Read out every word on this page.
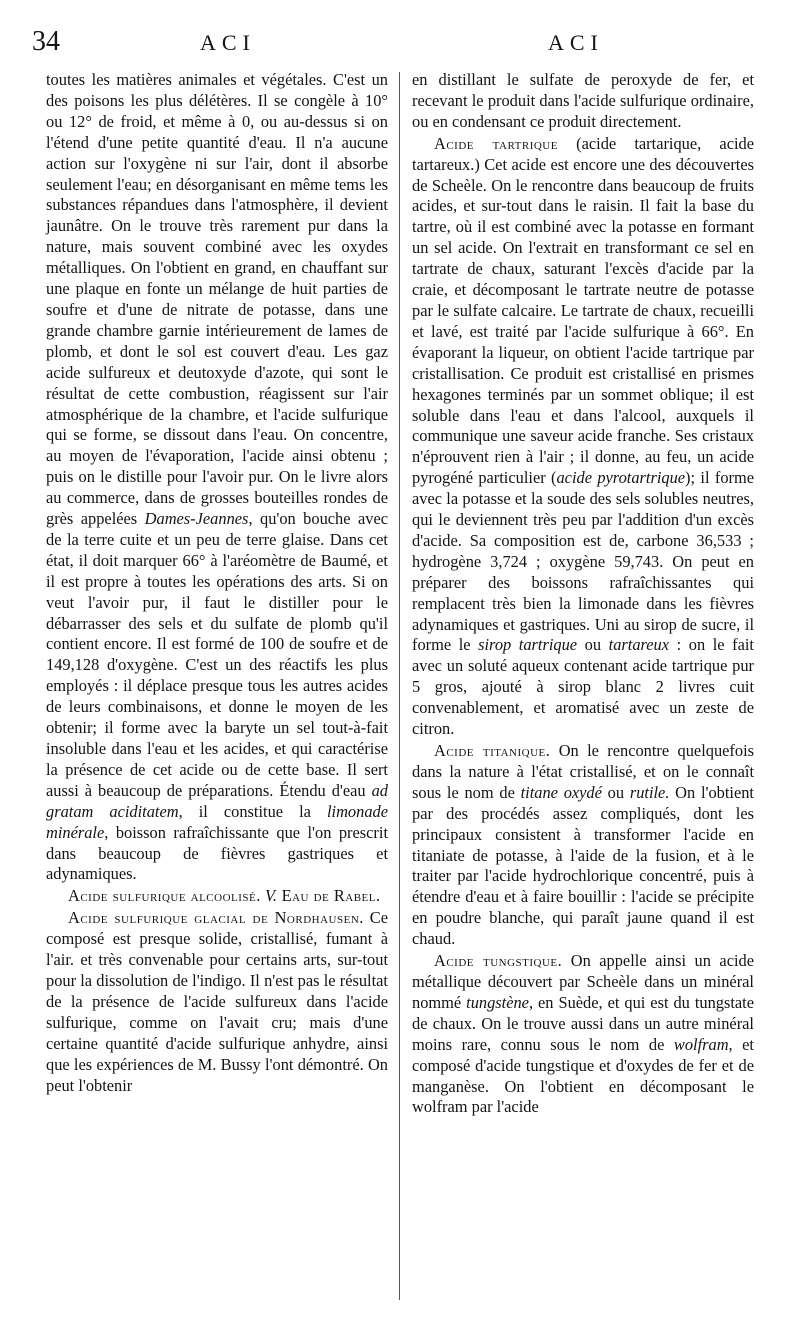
34	ACI	ACI

toutes les matières animales et végétales. C'est un des poisons les plus délétères. Il se congèle à 10° ou 12° de froid, et même à 0, ou au-dessus si on l'étend d'une petite quantité d'eau. Il n'a aucune action sur l'oxygène ni sur l'air, dont il absorbe seulement l'eau; en désorganisant en même tems les substances répandues dans l'atmosphère, il devient jaunâtre. On le trouve très rarement pur dans la nature, mais souvent combiné avec les oxydes métalliques. On l'obtient en grand, en chauffant sur une plaque en fonte un mélange de huit parties de soufre et d'une de nitrate de potasse, dans une grande chambre garnie intérieurement de lames de plomb, et dont le sol est couvert d'eau. Les gaz acide sulfureux et deutoxyde d'azote, qui sont le résultat de cette combustion, réagissent sur l'air atmosphérique de la chambre, et l'acide sulfurique qui se forme, se dissout dans l'eau. On concentre, au moyen de l'évaporation, l'acide ainsi obtenu ; puis on le distille pour l'avoir pur. On le livre alors au commerce, dans de grosses bouteilles rondes de grès appelées Dames-Jeannes, qu'on bouche avec de la terre cuite et un peu de terre glaise. Dans cet état, il doit marquer 66° à l'aréomètre de Baumé, et il est propre à toutes les opérations des arts. Si on veut l'avoir pur, il faut le distiller pour le débarrasser des sels et du sulfate de plomb qu'il contient encore. Il est formé de 100 de soufre et de 149,128 d'oxygène. C'est un des réactifs les plus employés : il déplace presque tous les autres acides de leurs combinaisons, et donne le moyen de les obtenir; il forme avec la baryte un sel tout-à-fait insoluble dans l'eau et les acides, et qui caractérise la présence de cet acide ou de cette base. Il sert aussi à beaucoup de préparations. Étendu d'eau ad gratam aciditatem, il constitue la limonade minérale, boisson rafraîchissante que l'on prescrit dans beaucoup de fièvres gastriques et adynamiques.

Acide sulfurique alcoolisé. V. Eau de Rabel.

Acide sulfurique glacial de Nordhausen. Ce composé est presque solide, cristallisé, fumant à l'air. et très convenable pour certains arts, sur-tout pour la dissolution de l'indigo. Il n'est pas le résultat de la présence de l'acide sulfureux dans l'acide sulfurique, comme on l'avait cru; mais d'une certaine quantité d'acide sulfurique anhydre, ainsi que les expériences de M. Bussy l'ont démontré. On peut l'obtenir

en distillant le sulfate de peroxyde de fer, et recevant le produit dans l'acide sulfurique ordinaire, ou en condensant ce produit directement.

Acide tartrique (acide tartarique, acide tartareux.) Cet acide est encore une des découvertes de Scheèle. On le rencontre dans beaucoup de fruits acides, et sur-tout dans le raisin. Il fait la base du tartre, où il est combiné avec la potasse en formant un sel acide. On l'extrait en transformant ce sel en tartrate de chaux, saturant l'excès d'acide par la craie, et décomposant le tartrate neutre de potasse par le sulfate calcaire. Le tartrate de chaux, recueilli et lavé, est traité par l'acide sulfurique à 66°. En évaporant la liqueur, on obtient l'acide tartrique par cristallisation. Ce produit est cristallisé en prismes hexagones terminés par un sommet oblique; il est soluble dans l'eau et dans l'alcool, auxquels il communique une saveur acide franche. Ses cristaux n'éprouvent rien à l'air ; il donne, au feu, un acide pyrogéné particulier (acide pyrotartrique); il forme avec la potasse et la soude des sels solubles neutres, qui le deviennent très peu par l'addition d'un excès d'acide. Sa composition est de, carbone 36,533 ; hydrogène 3,724 ; oxygène 59,743. On peut en préparer des boissons rafraîchissantes qui remplacent très bien la limonade dans les fièvres adynamiques et gastriques. Uni au sirop de sucre, il forme le sirop tartrique ou tartareux : on le fait avec un soluté aqueux contenant acide tartrique pur 5 gros, ajouté à sirop blanc 2 livres cuit convenablement, et aromatisé avec un zeste de citron.

Acide titanique. On le rencontre quelquefois dans la nature à l'état cristallisé, et on le connaît sous le nom de titane oxydé ou rutile. On l'obtient par des procédés assez compliqués, dont les principaux consistent à transformer l'acide en titaniate de potasse, à l'aide de la fusion, et à le traiter par l'acide hydrochlorique concentré, puis à étendre d'eau et à faire bouillir : l'acide se précipite en poudre blanche, qui paraît jaune quand il est chaud.

Acide tungstique. On appelle ainsi un acide métallique découvert par Scheèle dans un minéral nommé tungstène, en Suède, et qui est du tungstate de chaux. On le trouve aussi dans un autre minéral moins rare, connu sous le nom de wolfram, et composé d'acide tungstique et d'oxydes de fer et de manganèse. On l'obtient en décomposant le wolfram par l'acide
